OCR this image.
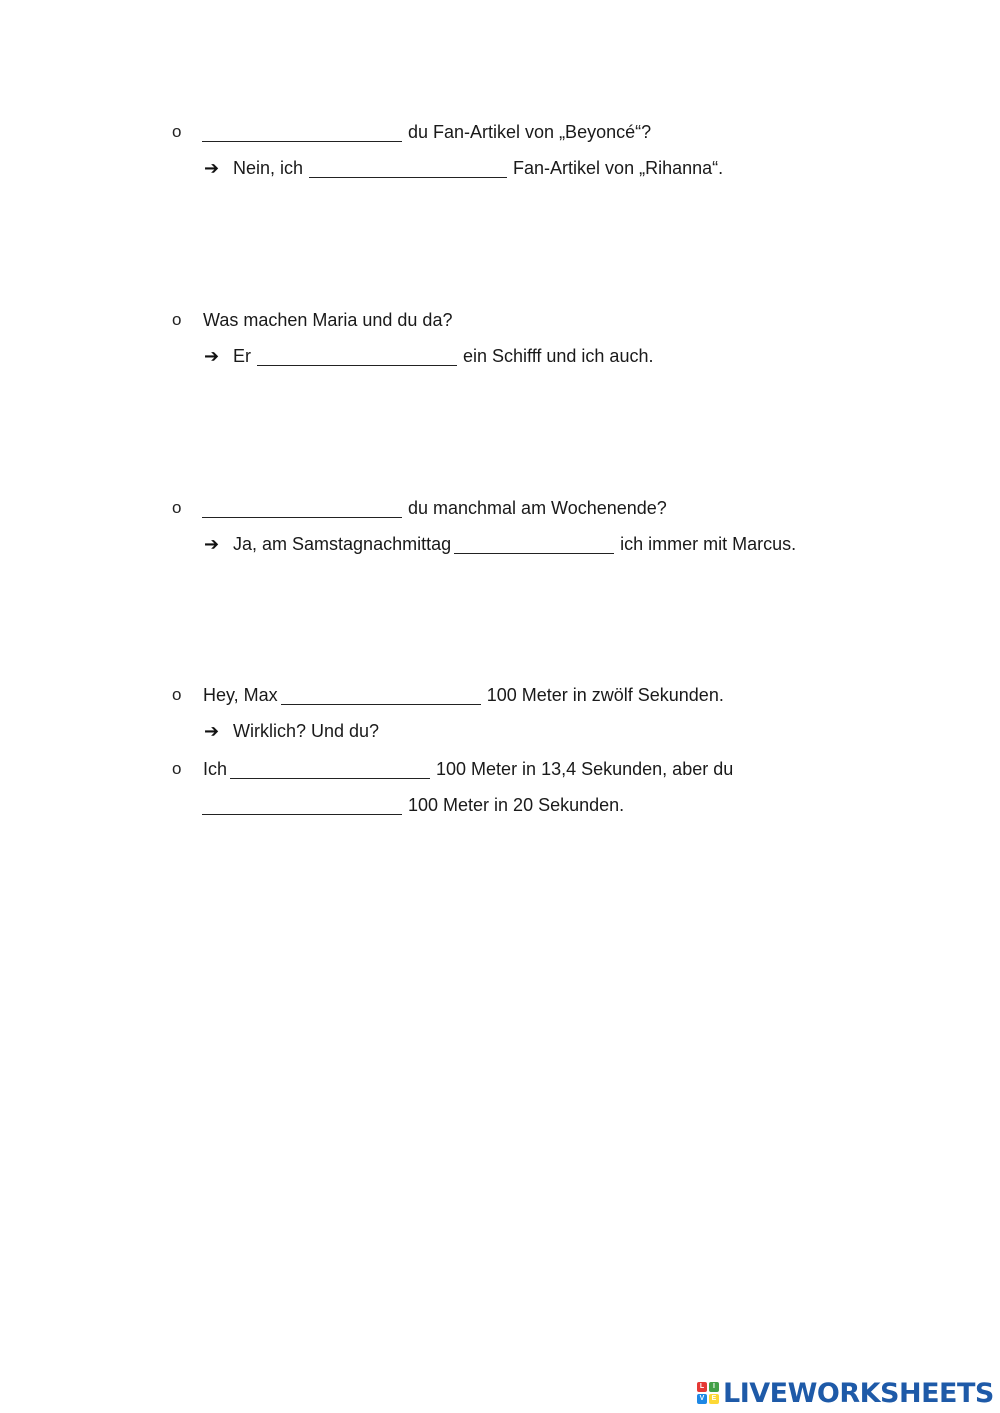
o	du Fan-Artikel von „Beyoncé“?
➔ Nein, ich	Fan-Artikel von „Rihanna“.
o Was machen Maria und du da?
➔ Er	ein Schifff und ich auch.
o	du manchmal am Wochenende?
➔ Ja, am Samstagnachmittag	ich immer mit Marcus.
o Hey, Max	100 Meter in zwölf Sekunden.
➔ Wirklich? Und du?
o Ich	100 Meter in 13,4 Sekunden, aber du
100 Meter in 20 Sekunden.
L	I
V	E LIVEWORKSHEETS
